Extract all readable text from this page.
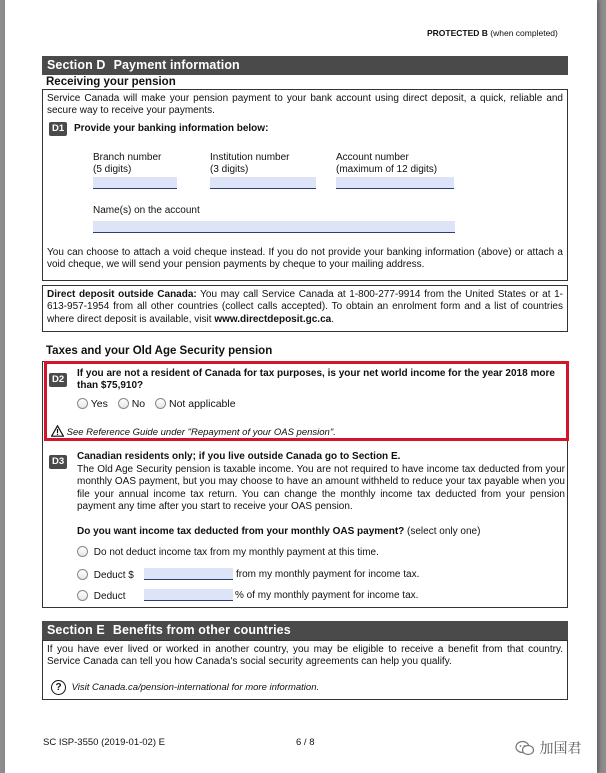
PROTECTED B (when completed)
Section D Payment information
Receiving your pension
Service Canada will make your pension payment to your bank account using direct deposit, a quick, reliable and secure way to receive your payments.
D1 Provide your banking information below:
Branch number
(5 digits)
Institution number
(3 digits)
Account number
(maximum of 12 digits)
Name(s) on the account
You can choose to attach a void cheque instead. If you do not provide your banking information (above) or attach a void cheque, we will send your pension payments by cheque to your mailing address.
Direct deposit outside Canada: You may call Service Canada at 1-800-277-9914 from the United States or at 1-613-957-1954 from all other countries (collect calls accepted). To obtain an enrolment form and a list of countries where direct deposit is available, visit www.directdeposit.gc.ca.
Taxes and your Old Age Security pension
D2
If you are not a resident of Canada for tax purposes, is your net world income for the year 2018 more than $75,910?
Yes No Not applicable
See Reference Guide under "Repayment of your OAS pension".
D3	Canadian residents only; if you live outside Canada go to Section E.
The Old Age Security pension is taxable income. You are not required to have income tax deducted from your monthly OAS payment, but you may choose to have an amount withheld to reduce your tax payable when you file your annual income tax return. You can change the monthly income tax deducted from your pension payment any time after you start to receive your OAS pension.
Do you want income tax deducted from your monthly OAS payment? (select only one)
Do not deduct income tax from my monthly payment at this time.
Deduct $	from my monthly payment for income tax.
Deduct	% of my monthly payment for income tax.
Section E Benefits from other countries
If you have ever lived or worked in another country, you may be eligible to receive a benefit from that country. Service Canada can tell you how Canada's social security agreements can help you qualify.
? Visit Canada.ca/pension-international for more information.
SC ISP-3550 (2019-01-02) E	6 / 8	加国君
